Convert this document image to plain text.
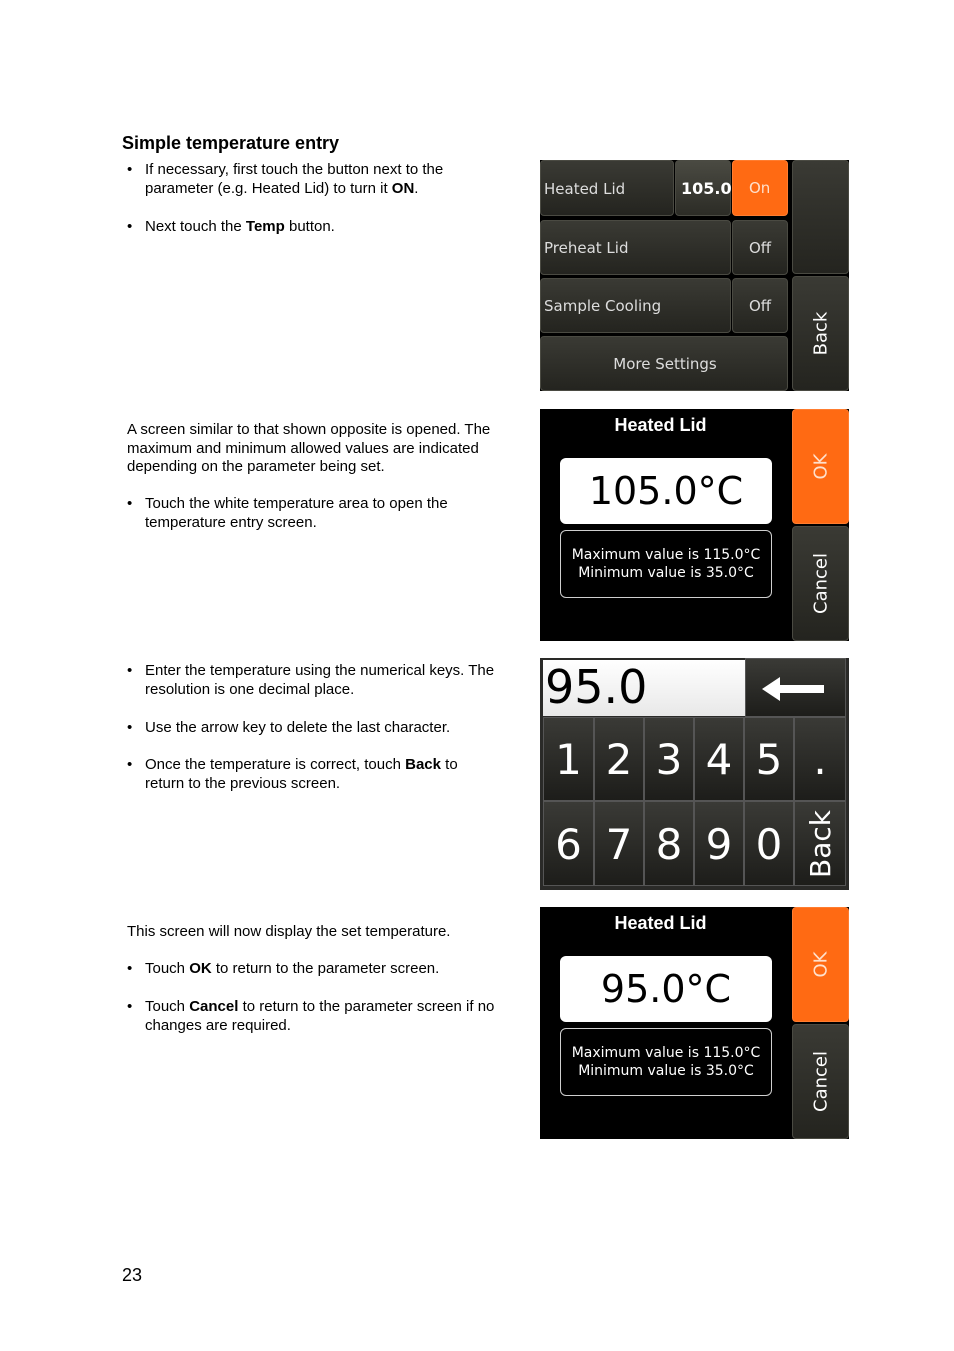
Simple temperature entry
• If necessary, first touch the button next to the
parameter (e.g. Heated Lid) to turn it ON.
• Next touch the Temp button.
Heated Lid	105.0 On
Preheat Lid	Off
Sample Cooling	Off
More Settings
Back
A screen similar to that shown opposite is opened. The
maximum and minimum allowed values are indicated
depending on the parameter being set.
• Touch the white temperature area to open the
temperature entry screen.
Heated Lid
105.0°C
Maximum value is 115.0°C
Minimum value is 35.0°C
OK
Cancel
• Enter the temperature using the numerical keys. The
resolution is one decimal place.
• Use the arrow key to delete the last character.
• Once the temperature is correct, touch Back to
return to the previous screen.
95.0
1 2 3 4 5 .
6 7 8 9 0 Back
This screen will now display the set temperature.
• Touch OK to return to the parameter screen.
• Touch Cancel to return to the parameter screen if no
changes are required.
Heated Lid
95.0°C
Maximum value is 115.0°C
Minimum value is 35.0°C
OK
Cancel
23
